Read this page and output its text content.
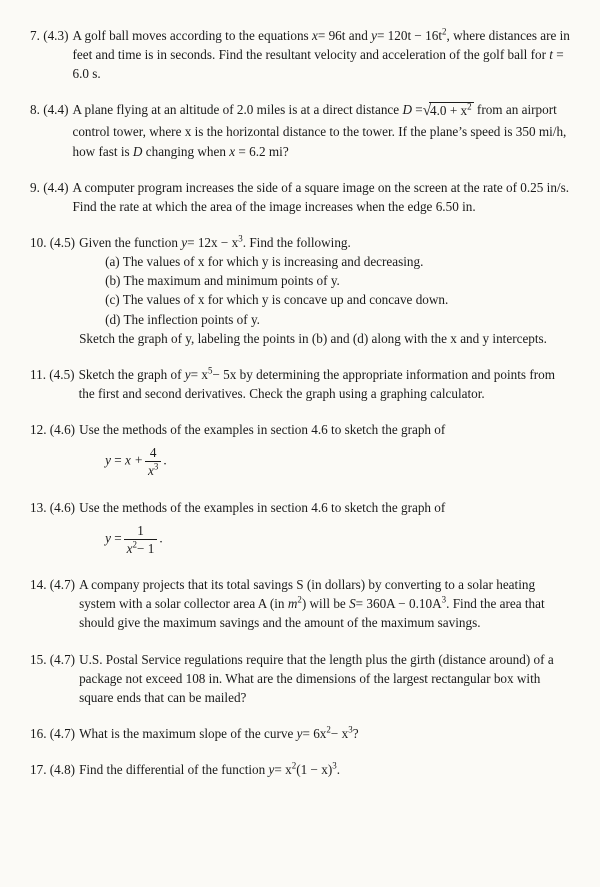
7. (4.3) A golf ball moves according to the equations x= 96t and $y= 120t - 16t^2$, where distances are in feet and time is in seconds. Find the resultant velocity and acceleration of the golf ball for t = 6.0 s.

8. (4.4) A plane flying at an altitude of 2.0 miles is at a direct distance $D =√4.0 + x^2$ from an airport control tower, where x is the horizontal distance to the tower. If the plane’s speed is 350 mi/h, how fast is D changing when x = 6.2 mi?

9. (4.4) A computer program increases the side of a square image on the screen at the rate of 0.25 in/s. Find the rate at which the area of the image increases when the edge 6.50 in.

10. (4.5) Given the function $y= 12x - x^3$. Find the following.

(a) The values of x for which y is increasing and decreasing.
(b) The maximum and minimum points of y.
(c) The values of x for which y is concave up and concave down.
(d) The inflection points of y.

Sketch the graph of y, labeling the points in (b) and (d) along with the x and y intercepts.

11. (4.5) Sketch the graph of $y= x^5- 5x$ by determining the appropriate information and points from the first and second derivatives. Check the graph using a graphing calculator.

12. (4.6) Use the methods of the examples in section 4.6 to sketch the graph of

$y = x + \frac{4}{x^3}$ .
13. (4.6) Use the methods of the examples in section 4.6 to sketch the graph of

$y = \frac{1}{x^2- 1}$ .
14. (4.7) A company projects that its total savings S (in dollars) by converting to a solar heating system with a solar collector area A (in $m^2$) will be $S= 360A - 0.10A^3$. Find the area that should give the maximum savings and the amount of the maximum savings.

15. (4.7) U.S. Postal Service regulations require that the length plus the girth (distance around) of a package not exceed 108 in. What are the dimensions of the largest rectangular box with square ends that can be mailed?

16. (4.7) What is the maximum slope of the curve $y= 6x^2- x^3$?

17. (4.8) Find the differential of the function $y= x^2(1 - x)^3$.
